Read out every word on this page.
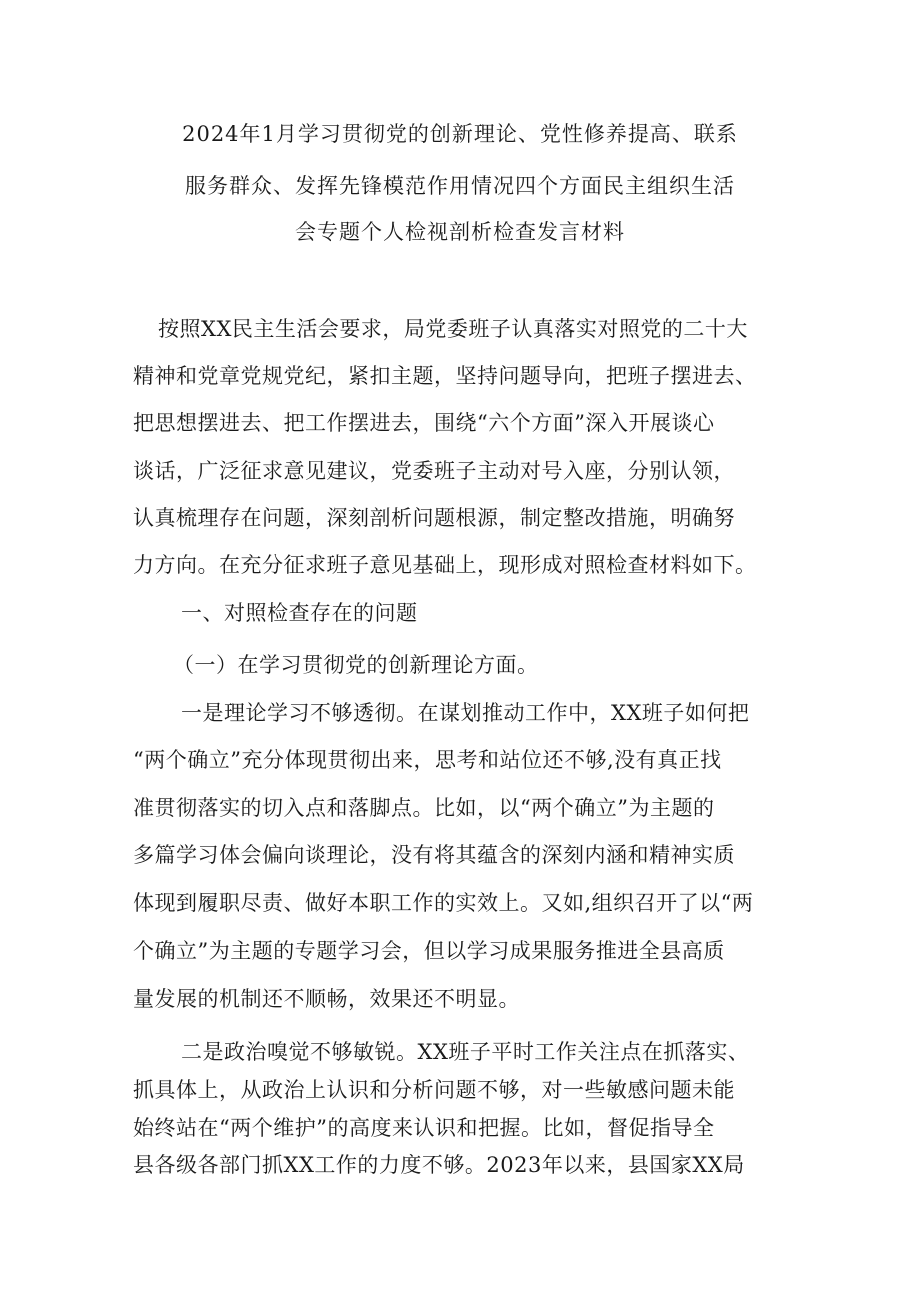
2024年1月学习贯彻党的创新理论、党性修养提高、联系
服务群众、发挥先锋模范作用情况四个方面民主组织生活
会专题个人检视剖析检查发言材料
按照XX民主生活会要求，局党委班子认真落实对照党的二十大
精神和党章党规党纪，紧扣主题，坚持问题导向，把班子摆进去、
把思想摆进去、把工作摆进去，围绕“六个方面”深入开展谈心
谈话，广泛征求意见建议，党委班子主动对号入座，分别认领，
认真梳理存在问题，深刻剖析问题根源，制定整改措施，明确努
力方向。在充分征求班子意见基础上，现形成对照检查材料如下。
一、对照检查存在的问题
（一）在学习贯彻党的创新理论方面。
一是理论学习不够透彻。在谋划推动工作中，XX班子如何把
“两个确立”充分体现贯彻出来，思考和站位还不够,没有真正找
准贯彻落实的切入点和落脚点。比如，以“两个确立”为主题的
多篇学习体会偏向谈理论，没有将其蕴含的深刻内涵和精神实质
体现到履职尽责、做好本职工作的实效上。又如,组织召开了以“两
个确立”为主题的专题学习会，但以学习成果服务推进全县高质
量发展的机制还不顺畅，效果还不明显。
二是政治嗅觉不够敏锐。XX班子平时工作关注点在抓落实、
抓具体上，从政治上认识和分析问题不够，对一些敏感问题未能
始终站在“两个维护”的高度来认识和把握。比如，督促指导全
县各级各部门抓XX工作的力度不够。2023年以来，县国家XX局
